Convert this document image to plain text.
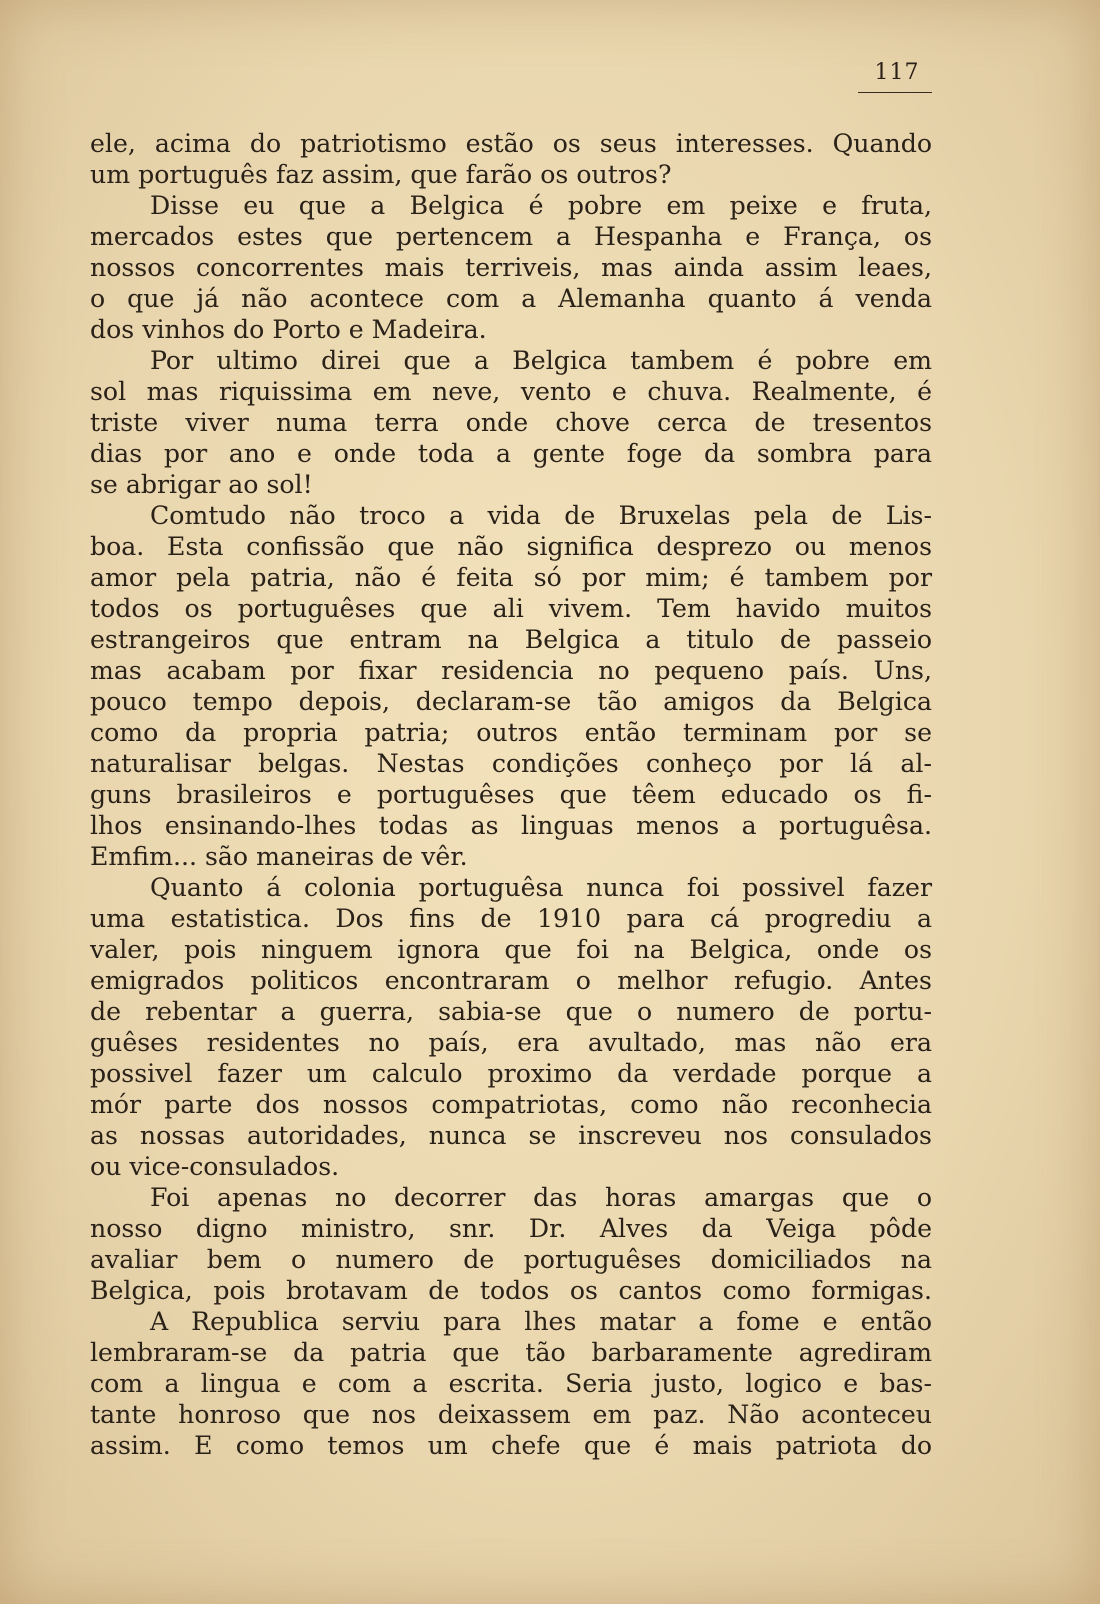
117
ele, acima do patriotismo estão os seus interesses. Quando
um português faz assim, que farão os outros?
Disse eu que a Belgica é pobre em peixe e fruta,
mercados estes que pertencem a Hespanha e França, os
nossos concorrentes mais terriveis, mas ainda assim leaes,
o que já não acontece com a Alemanha quanto á venda
dos vinhos do Porto e Madeira.
Por ultimo direi que a Belgica tambem é pobre em
sol mas riquissima em neve, vento e chuva. Realmente, é
triste viver numa terra onde chove cerca de tresentos
dias por ano e onde toda a gente foge da sombra para
se abrigar ao sol!
Comtudo não troco a vida de Bruxelas pela de Lis-
boa. Esta confissão que não significa desprezo ou menos
amor pela patria, não é feita só por mim; é tambem por
todos os portuguêses que ali vivem. Tem havido muitos
estrangeiros que entram na Belgica a titulo de passeio
mas acabam por fixar residencia no pequeno país. Uns,
pouco tempo depois, declaram-se tão amigos da Belgica
como da propria patria; outros então terminam por se
naturalisar belgas. Nestas condições conheço por lá al-
guns brasileiros e portuguêses que têem educado os fi-
lhos ensinando-lhes todas as linguas menos a portuguêsa.
Emfim... são maneiras de vêr.
Quanto á colonia portuguêsa nunca foi possivel fazer
uma estatistica. Dos fins de 1910 para cá progrediu a
valer, pois ninguem ignora que foi na Belgica, onde os
emigrados politicos encontraram o melhor refugio. Antes
de rebentar a guerra, sabia-se que o numero de portu-
guêses residentes no país, era avultado, mas não era
possivel fazer um calculo proximo da verdade porque a
mór parte dos nossos compatriotas, como não reconhecia
as nossas autoridades, nunca se inscreveu nos consulados
ou vice-consulados.
Foi apenas no decorrer das horas amargas que o
nosso digno ministro, snr. Dr. Alves da Veiga pôde
avaliar bem o numero de portuguêses domiciliados na
Belgica, pois brotavam de todos os cantos como formigas.
A Republica serviu para lhes matar a fome e então
lembraram-se da patria que tão barbaramente agrediram
com a lingua e com a escrita. Seria justo, logico e bas-
tante honroso que nos deixassem em paz. Não aconteceu
assim. E como temos um chefe que é mais patriota do
